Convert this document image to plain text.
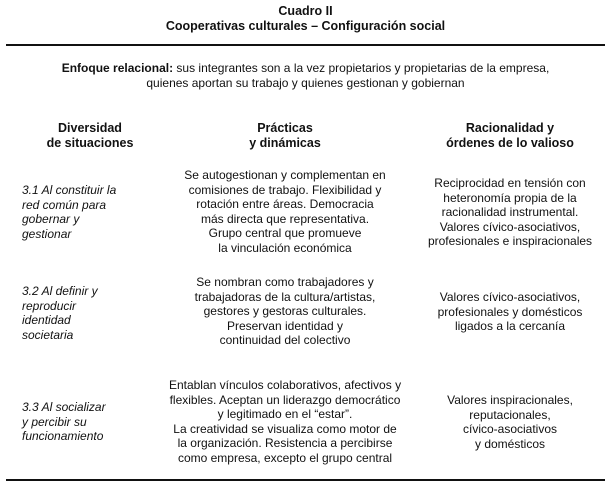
Cuadro II
Cooperativas culturales – Configuración social
Enfoque relacional: sus integrantes son a la vez propietarios y propietarias de la empresa,
quienes aportan su trabajo y quienes gestionan y gobiernan
Diversidad
de situaciones
Prácticas
y dinámicas
Racionalidad y
órdenes de lo valioso
3.1 Al constituir la
red común para
gobernar y
gestionar
Se autogestionan y complementan en
comisiones de trabajo. Flexibilidad y
rotación entre áreas. Democracia
más directa que representativa.
Grupo central que promueve
la vinculación económica
Reciprocidad en tensión con
heteronomía propia de la
racionalidad instrumental.
Valores cívico-asociativos,
profesionales e inspiracionales
3.2 Al definir y
reproducir
identidad
societaria
Se nombran como trabajadores y
trabajadoras de la cultura/artistas,
gestores y gestoras culturales.
Preservan identidad y
continuidad del colectivo
Valores cívico-asociativos,
profesionales y domésticos
ligados a la cercanía
3.3 Al socializar
y percibir su
funcionamiento
Entablan vínculos colaborativos, afectivos y
flexibles. Aceptan un liderazgo democrático
y legitimado en el “estar”.
La creatividad se visualiza como motor de
la organización. Resistencia a percibirse
como empresa, excepto el grupo central
Valores inspiracionales,
reputacionales,
cívico-asociativos
y domésticos
